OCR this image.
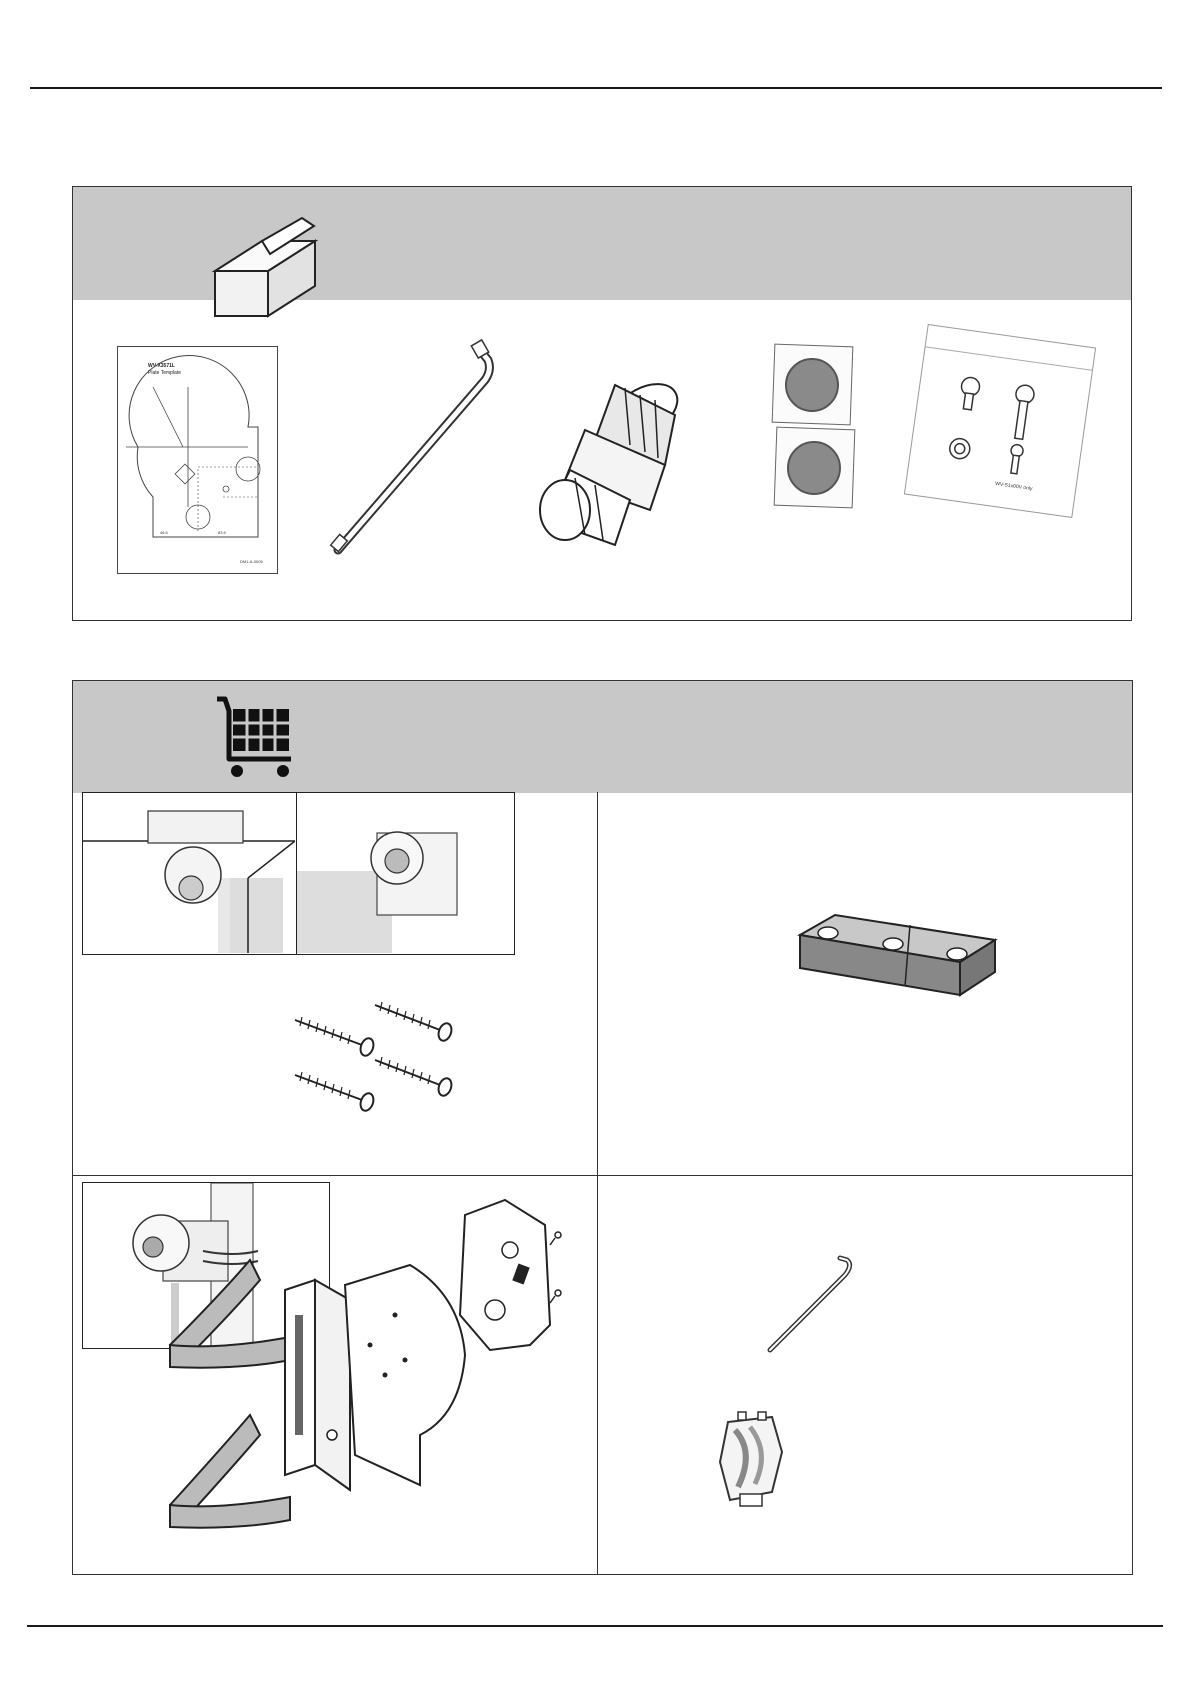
WV-X3571L
Plate Template
46.5	83.5
DM1-A-0005
WV-S1x00V only
